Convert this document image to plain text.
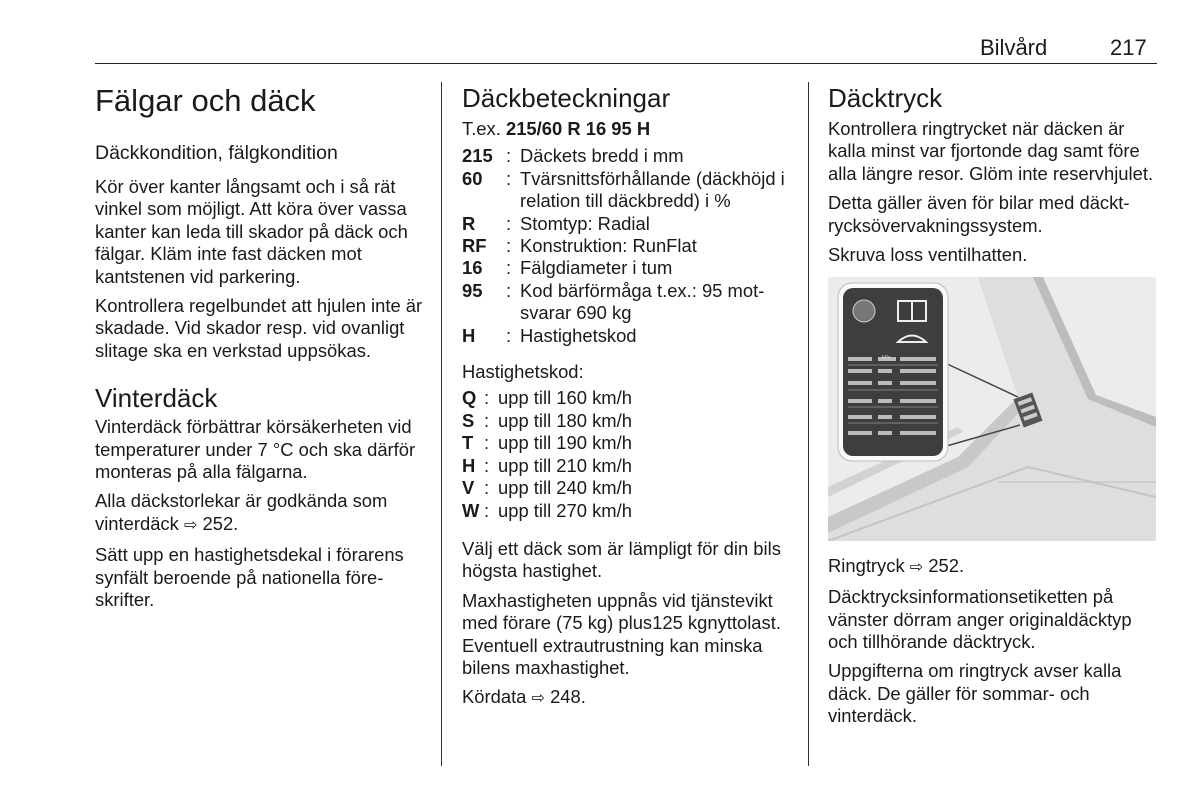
Bilvård	217
Fälgar och däck
Däckkondition, fälgkondition

Kör över kanter långsamt och i så rät vinkel som möjligt. Att köra över vassa kanter kan leda till skador på däck och fälgar. Kläm inte fast däcken mot kantstenen vid parkering.

Kontrollera regelbundet att hjulen inte är skadade. Vid skador resp. vid ovanligt slitage ska en verkstad uppsökas.

Vinterdäck

Vinterdäck förbättrar körsäkerheten vid temperaturer under 7 °C och ska därför monteras på alla fälgarna.

Alla däckstorlekar är godkända som vinterdäck ⇨ 252.

Sätt upp en hastighetsdekal i förarens synfält beroende på nationella föreskrifter.

Däckbeteckningar

T.ex. 215/60 R 16 95 H

215	:	Däckets bredd i mm
60	:	Tvärsnittsförhållande (däckhöjd i relation till däckbredd) i %
R	:	Stomtyp: Radial
RF	:	Konstruktion: RunFlat
16	:	Fälgdiameter i tum
95	:	Kod bärförmåga t.ex.: 95 motsvarar 690 kg
H	:	Hastighetskod

Hastighetskod:

Q	:	upp till 160 km/h
S	:	upp till 180 km/h
T	:	upp till 190 km/h
H	:	upp till 210 km/h
V	:	upp till 240 km/h
W	:	upp till 270 km/h

Välj ett däck som är lämpligt för din bils högsta hastighet.

Maxhastigheten uppnås vid tjänstevikt med förare (75 kg) plus125 kgnyttolast. Eventuell extrautrustning kan minska bilens maxhastighet.

Kördata ⇨ 248.

Däcktryck

Kontrollera ringtrycket när däcken är kalla minst var fjortonde dag samt före alla längre resor. Glöm inte reservhjulet.

Detta gäller även för bilar med däcktrycksövervakningssystem.

Skruva loss ventilhatten.

kPa

Ringtryck ⇨ 252.

Däcktrycksinformationsetiketten på vänster dörram anger originaldäcktyp och tillhörande däcktryck.

Uppgifterna om ringtryck avser kalla däck. De gäller för sommar- och vinterdäck.
